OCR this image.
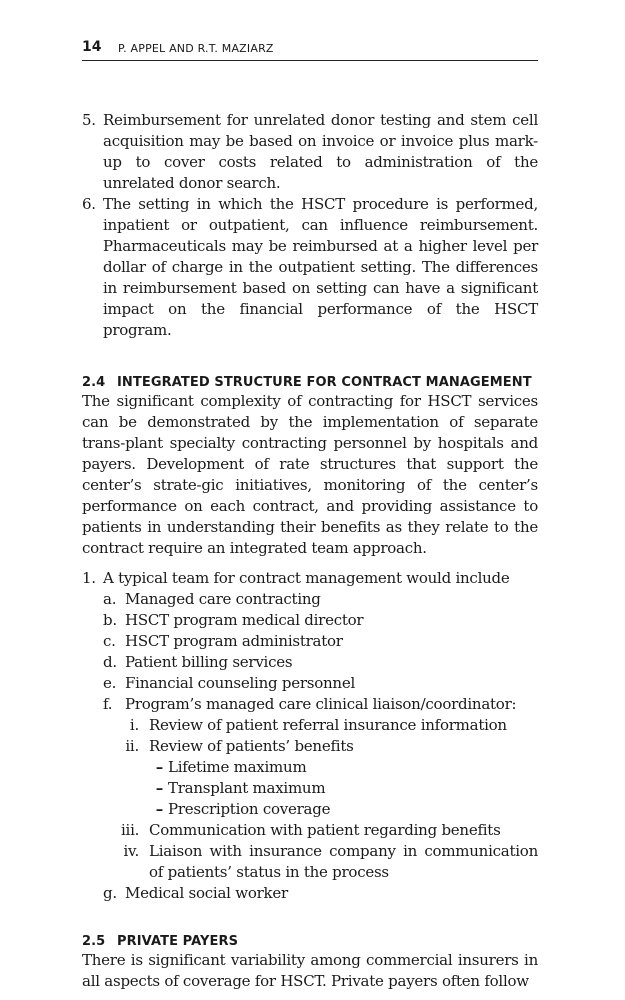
14 P. APPEL AND R.T. MAZIARZ
5. Reimbursement for unrelated donor testing and stem cell acquisition may be based on invoice or invoice plus mark-up to cover costs related to administration of the unrelated donor search.
6. The setting in which the HSCT procedure is performed, inpatient or outpatient, can influence reimbursement. Pharmaceuticals may be reimbursed at a higher level per dollar of charge in the outpatient setting. The differences in reimbursement based on setting can have a significant impact on the financial performance of the HSCT program.
2.4 INTEGRATED STRUCTURE FOR CONTRACT MANAGEMENT

The significant complexity of contracting for HSCT services can be demonstrated by the implementation of separate trans-plant specialty contracting personnel by hospitals and payers. Development of rate structures that support the center’s strate-gic initiatives, monitoring of the center’s performance on each contract, and providing assistance to patients in understanding their benefits as they relate to the contract require an integrated team approach.

1. A typical team for contract management would include
a. Managed care contracting
b. HSCT program medical director
c. HSCT program administrator
d. Patient billing services
e. Financial counseling personnel
f. Program’s managed care clinical liaison/coordinator:
i. Review of patient referral insurance information
ii. Review of patients’ benefits
– Lifetime maximum
– Transplant maximum
– Prescription coverage
iii. Communication with patient regarding benefits
iv. Liaison with insurance company in communication of patients’ status in the process
g. Medical social worker
2.5 PRIVATE PAYERS

There is significant variability among commercial insurers in all aspects of coverage for HSCT. Private payers often follow
